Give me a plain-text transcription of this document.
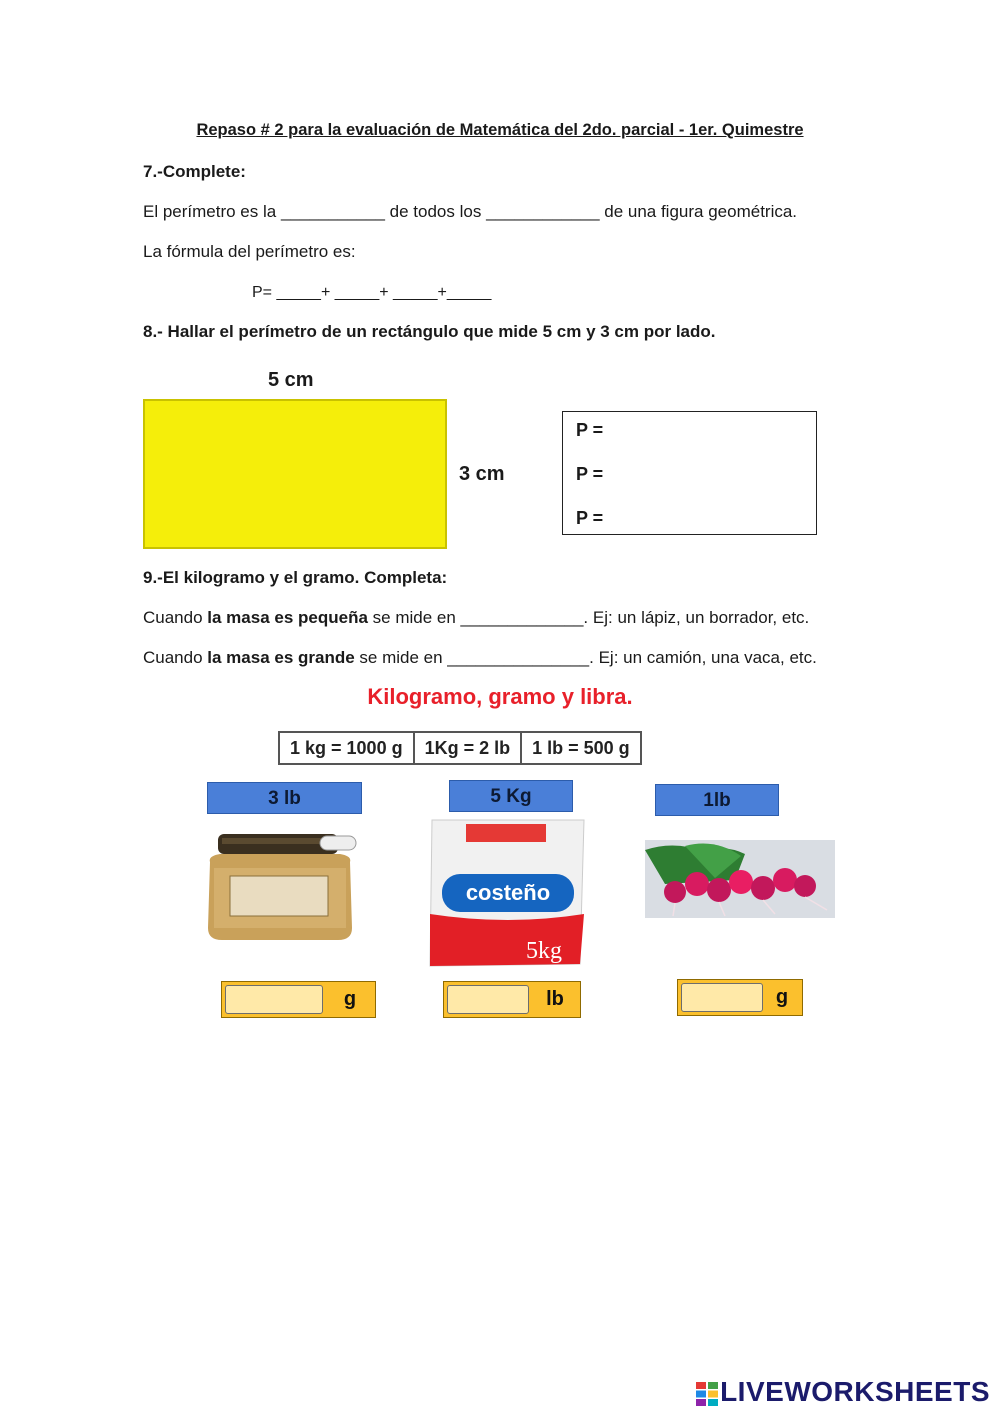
Repaso # 2 para la evaluación de Matemática del 2do. parcial - 1er. Quimestre
7.-Complete:
El perímetro es la ___________ de todos los ____________ de una figura geométrica.
La fórmula del perímetro es:
P= _____+ _____+ _____+_____
8.- Hallar el perímetro de un rectángulo que mide 5 cm y 3 cm por lado.
5 cm
3 cm
P =
P =
P =
9.-El kilogramo y el gramo. Completa:
Cuando la masa es pequeña se mide en _____________. Ej: un lápiz, un borrador, etc.
Cuando la masa es grande se mide en _______________. Ej: un camión, una vaca, etc.
Kilogramo, gramo y libra.
1 kg = 1000 g	1Kg = 2 lb	1 lb = 500 g
3 lb	5 Kg	1lb
costeño
5kg
g	lb	g
LIVEWORKSHEETS
